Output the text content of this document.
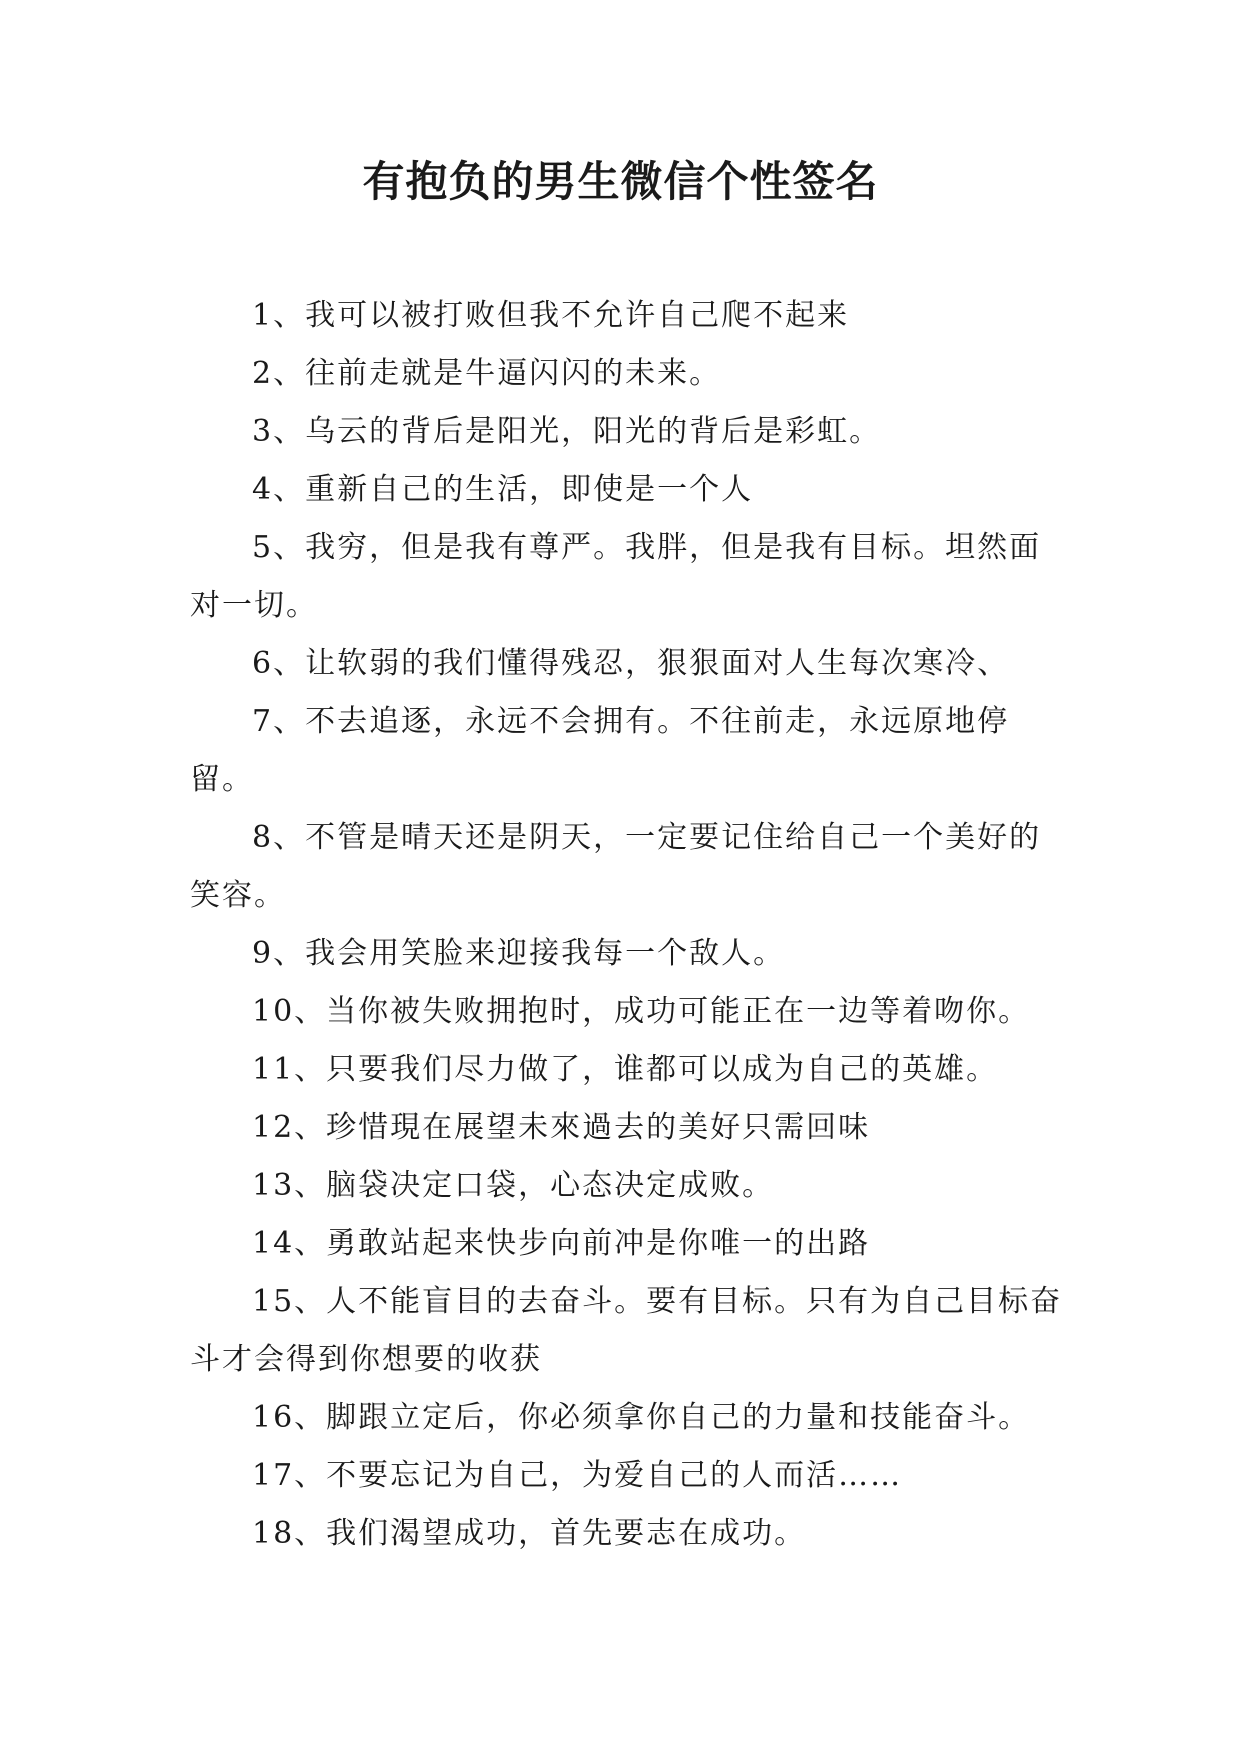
有抱负的男生微信个性签名

1、我可以被打败但我不允许自己爬不起来

2、往前走就是牛逼闪闪的未来。

3、乌云的背后是阳光，阳光的背后是彩虹。

4、重新自己的生活，即使是一个人

5、我穷，但是我有尊严。我胖，但是我有目标。坦然面对一切。

6、让软弱的我们懂得残忍，狠狠面对人生每次寒冷、

7、不去追逐，永远不会拥有。不往前走，永远原地停留。

8、不管是晴天还是阴天，一定要记住给自己一个美好的笑容。

9、我会用笑脸来迎接我每一个敌人。

10、当你被失败拥抱时，成功可能正在一边等着吻你。

11、只要我们尽力做了，谁都可以成为自己的英雄。

12、珍惜現在展望未來過去的美好只需回味

13、脑袋决定口袋，心态决定成败。

14、勇敢站起来快步向前冲是你唯一的出路

15、人不能盲目的去奋斗。要有目标。只有为自己目标奋斗才会得到你想要的收获

16、脚跟立定后，你必须拿你自己的力量和技能奋斗。

17、不要忘记为自己，为爱自己的人而活……

18、我们渴望成功，首先要志在成功。
